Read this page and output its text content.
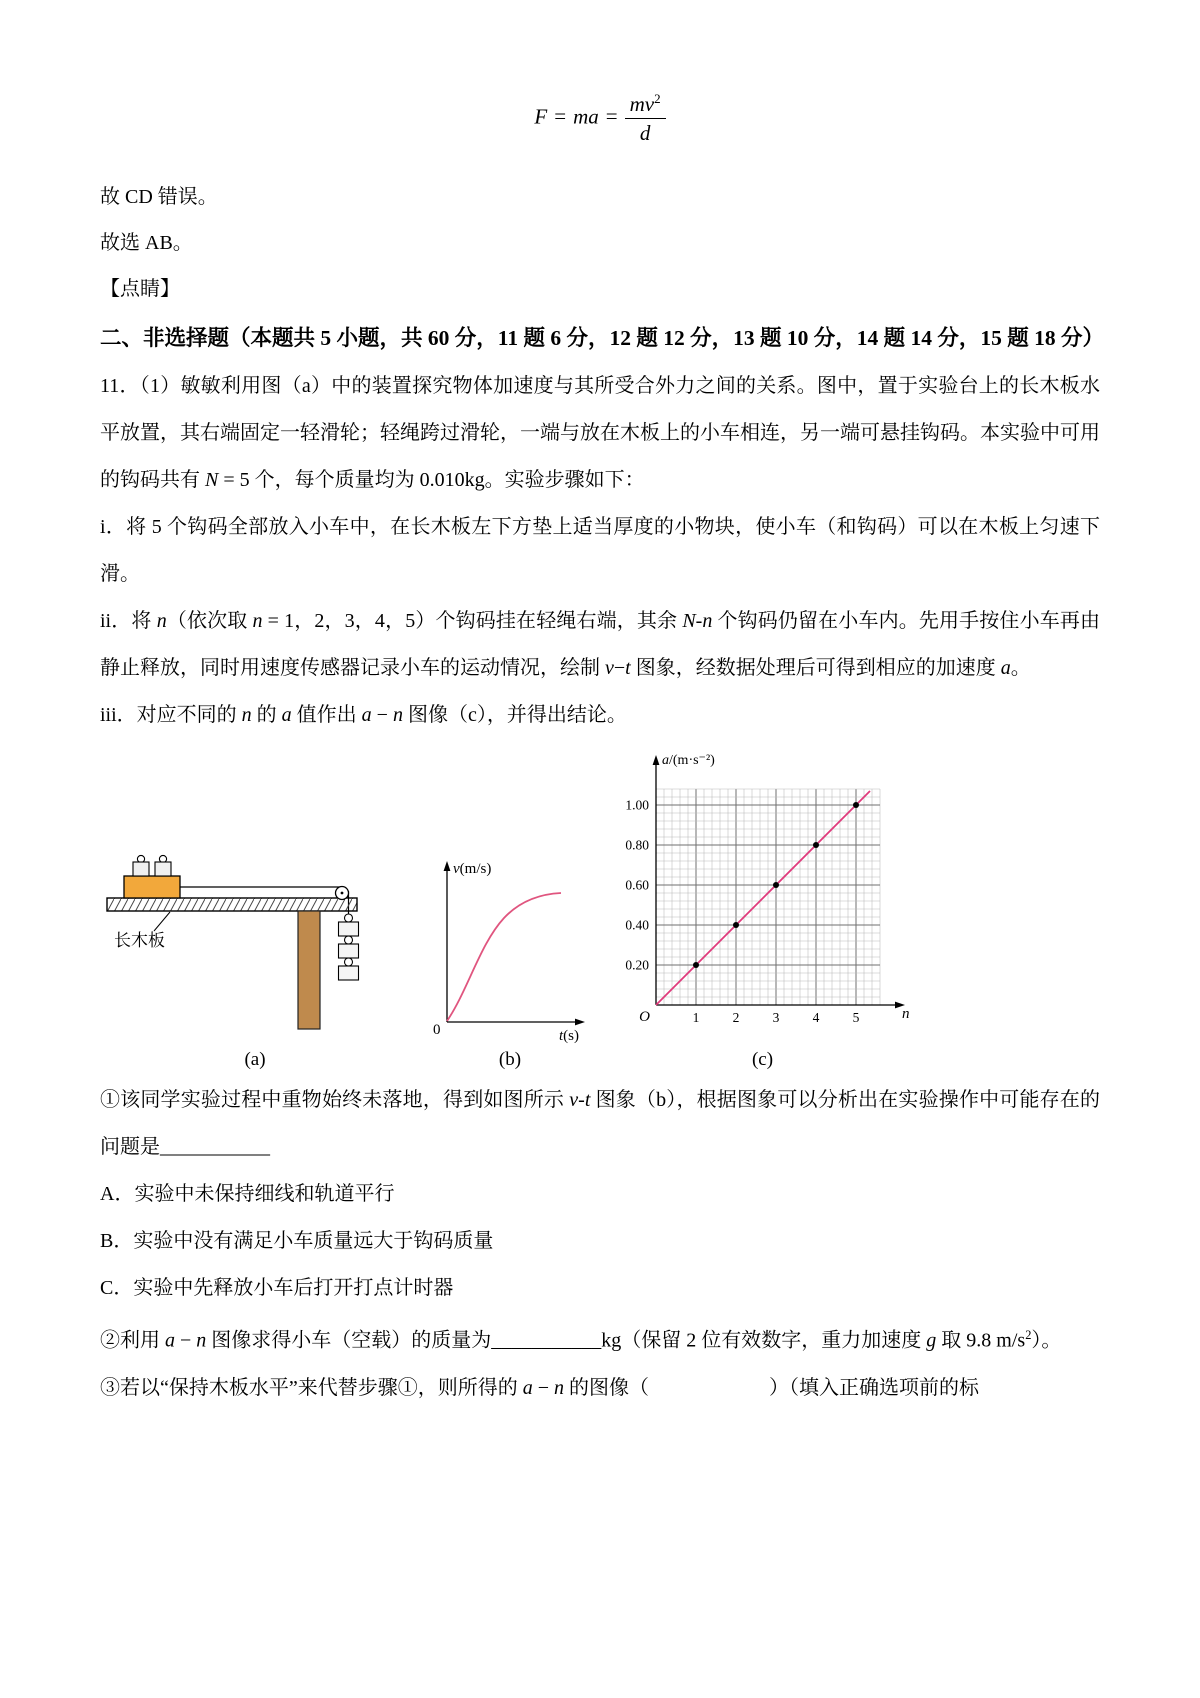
F = ma = $\frac{mv^2}{d}$

故 CD 错误。

故选 AB。

【点睛】

二、非选择题（本题共 5 小题，共 60 分，11 题 6 分，12 题 12 分，13 题 10 分，14 题 14 分，15 题 18 分）

11．（1）敏敏利用图（a）中的装置探究物体加速度与其所受合外力之间的关系。图中，置于实验台上的长木板水平放置，其右端固定一轻滑轮；轻绳跨过滑轮，一端与放在木板上的小车相连，另一端可悬挂钩码。本实验中可用的钩码共有 N = 5 个，每个质量均为 0.010kg。实验步骤如下：

i．将 5 个钩码全部放入小车中，在长木板左下方垫上适当厚度的小物块，使小车（和钩码）可以在木板上匀速下滑。

ii．将 n（依次取 n = 1，2，3，4，5）个钩码挂在轻绳右端，其余 N-n 个钩码仍留在小车内。先用手按住小车再由静止释放，同时用速度传感器记录小车的运动情况，绘制 v−t 图象，经数据处理后可得到相应的加速度 a。

iii．对应不同的 n 的 a 值作出 a − n 图像（c），并得出结论。

长木板
(a)
v(m/s)
t(s)
0
(b)
a/(m·s⁻²)
n
O
0.20
0.40
0.60
0.80
1.00
1 2 3 4 5
(c)

①该同学实验过程中重物始终未落地，得到如图所示 v-t 图象（b），根据图象可以分析出在实验操作中可能存在的问题是___________

A．实验中未保持细线和轨道平行

B．实验中没有满足小车质量远大于钩码质量

C．实验中先释放小车后打开打点计时器

②利用 a − n 图像求得小车（空载）的质量为___________kg（保留 2 位有效数字，重力加速度 g 取 9.8 $m/s^2$）。

③若以“保持木板水平”来代替步骤①，则所得的 a − n 的图像（　　　　　　）（填入正确选项前的标
